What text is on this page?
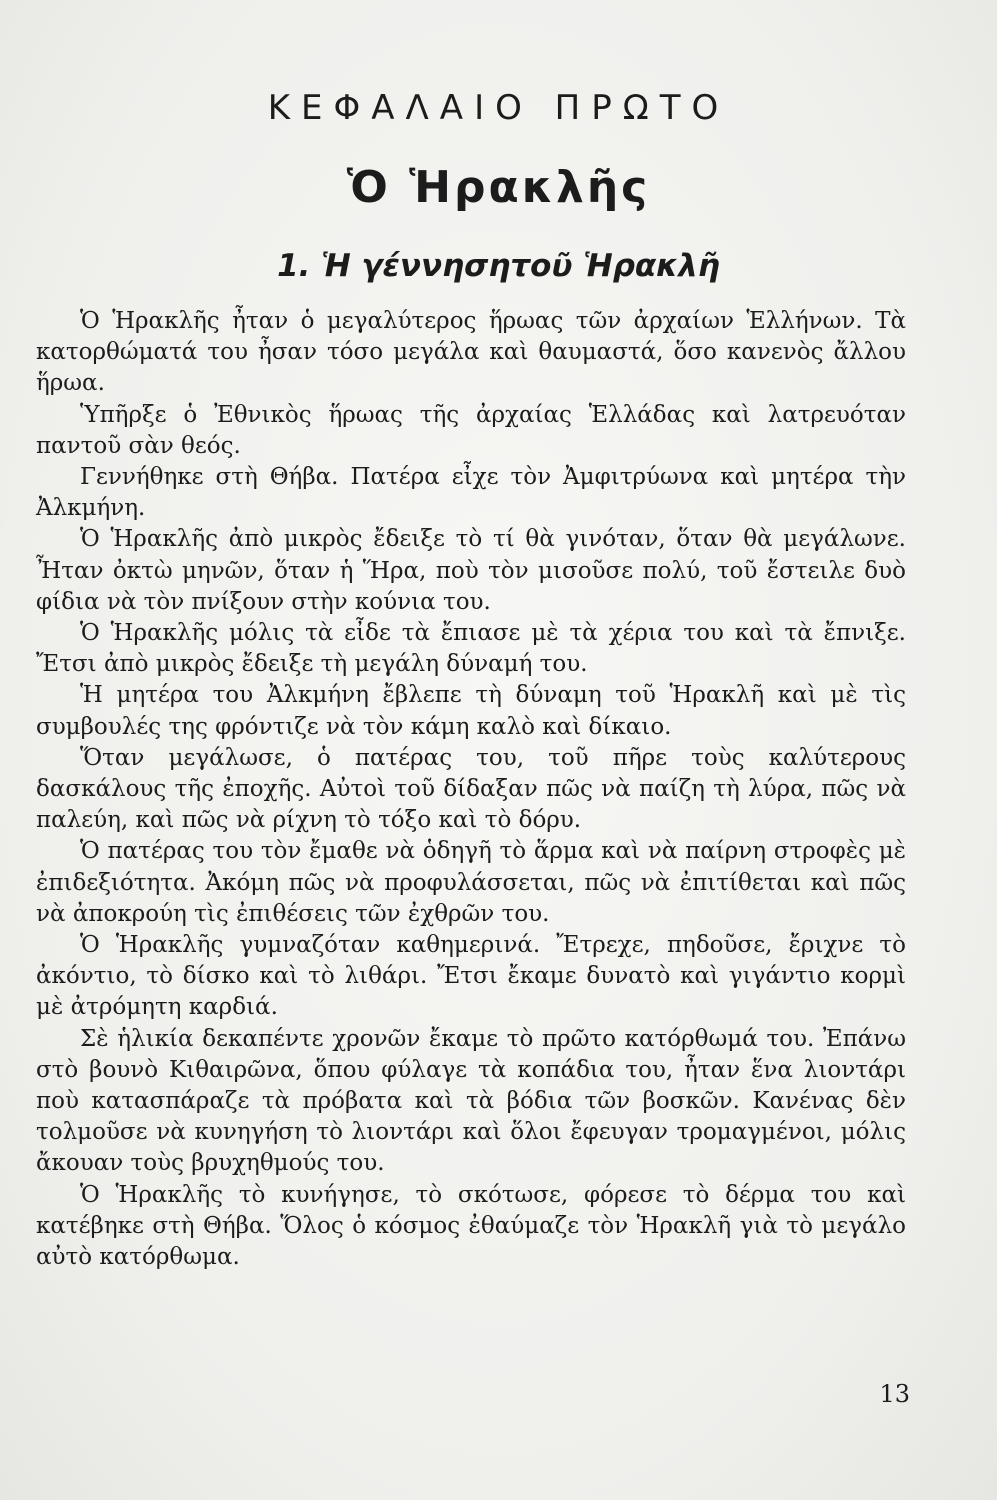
ΚΕΦΑΛΑΙΟ ΠΡΩΤΟ
Ὁ Ἡρακλῆς
1. Ἡ γέννησητοῦ Ἡρακλῆ

Ὁ Ἡρακλῆς ἦταν ὁ μεγαλύτερος ἥρωας τῶν ἀρχαίων Ἑλλήνων. Τὰ κατορθώματά του ἦσαν τόσο μεγάλα καὶ θαυμαστά, ὅσο κανενὸς ἄλλου ἥρωα.

Ὑπῆρξε ὁ Ἐθνικὸς ἥρωας τῆς ἀρχαίας Ἑλλάδας καὶ λατρευόταν παντοῦ σὰν θεός.

Γεννήθηκε στὴ Θήβα. Πατέρα εἶχε τὸν Ἀμφιτρύωνα καὶ μητέρα τὴν Ἀλκμήνη.

Ὁ Ἡρακλῆς ἀπὸ μικρὸς ἔδειξε τὸ τί θὰ γινόταν, ὅταν θὰ μεγάλωνε. Ἦταν ὀκτὼ μηνῶν, ὅταν ἡ Ἥρα, ποὺ τὸν μισοῦσε πολύ, τοῦ ἔστειλε δυὸ φίδια νὰ τὸν πνίξουν στὴν κούνια του.

Ὁ Ἡρακλῆς μόλις τὰ εἶδε τὰ ἔπιασε μὲ τὰ χέρια του καὶ τὰ ἔπνιξε. Ἔτσι ἀπὸ μικρὸς ἔδειξε τὴ μεγάλη δύναμή του.

Ἡ μητέρα του Ἀλκμήνη ἔβλεπε τὴ δύναμη τοῦ Ἡρακλῆ καὶ μὲ τὶς συμβουλές της φρόντιζε νὰ τὸν κάμη καλὸ καὶ δίκαιο.

Ὅταν μεγάλωσε, ὁ πατέρας του, τοῦ πῆρε τοὺς καλύτερους δασκάλους τῆς ἐποχῆς. Αὐτοὶ τοῦ δίδαξαν πῶς νὰ παίζη τὴ λύρα, πῶς νὰ παλεύη, καὶ πῶς νὰ ρίχνη τὸ τόξο καὶ τὸ δόρυ.

Ὁ πατέρας του τὸν ἔμαθε νὰ ὁδηγῆ τὸ ἅρμα καὶ νὰ παίρνη στροφὲς μὲ ἐπιδεξιότητα. Ἀκόμη πῶς νὰ προφυλάσσεται, πῶς νὰ ἐπιτίθεται καὶ πῶς νὰ ἀποκρούη τὶς ἐπιθέσεις τῶν ἐχθρῶν του.

Ὁ Ἡρακλῆς γυμναζόταν καθημερινά. Ἔτρεχε, πηδοῦσε, ἔριχνε τὸ ἀκόντιο, τὸ δίσκο καὶ τὸ λιθάρι. Ἔτσι ἔκαμε δυνατὸ καὶ γιγάντιο κορμὶ μὲ ἀτρόμητη καρδιά.

Σὲ ἡλικία δεκαπέντε χρονῶν ἔκαμε τὸ πρῶτο κατόρθωμά του. Ἐπάνω στὸ βουνὸ Κιθαιρῶνα, ὅπου φύλαγε τὰ κοπάδια του, ἦταν ἕνα λιοντάρι ποὺ κατασπάραζε τὰ πρόβατα καὶ τὰ βόδια τῶν βοσκῶν. Κανένας δὲν τολμοῦσε νὰ κυνηγήση τὸ λιοντάρι καὶ ὅλοι ἔφευγαν τρομαγμένοι, μόλις ἄκουαν τοὺς βρυχηθμούς του.

Ὁ Ἡρακλῆς τὸ κυνήγησε, τὸ σκότωσε, φόρεσε τὸ δέρμα του καὶ κατέβηκε στὴ Θήβα. Ὅλος ὁ κόσμος ἐθαύμαζε τὸν Ἡρακλῆ γιὰ τὸ μεγάλο αὐτὸ κατόρθωμα.

13
